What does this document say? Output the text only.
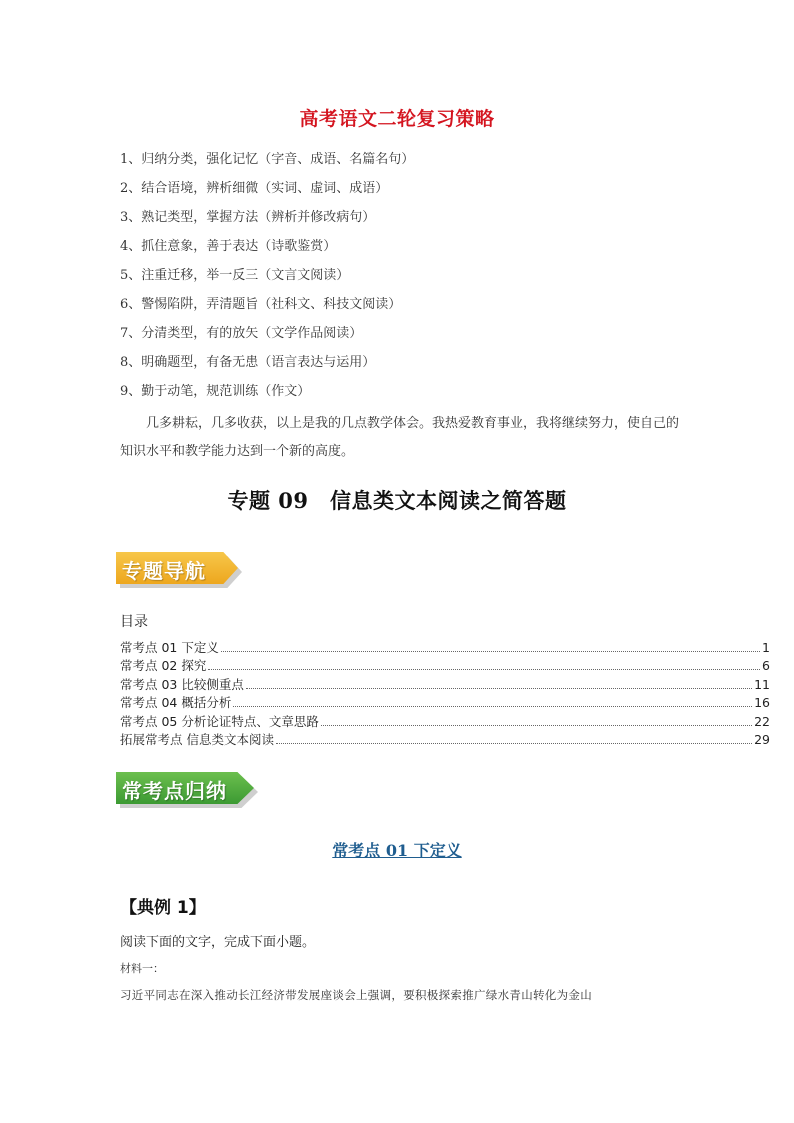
高考语文二轮复习策略
1、归纳分类，强化记忆（字音、成语、名篇名句）
2、结合语境，辨析细微（实词、虚词、成语）
3、熟记类型，掌握方法（辨析并修改病句）
4、抓住意象，善于表达（诗歌鉴赏）
5、注重迁移，举一反三（文言文阅读）
6、警惕陷阱，弄清题旨（社科文、科技文阅读）
7、分清类型，有的放矢（文学作品阅读）
8、明确题型，有备无患（语言表达与运用）
9、勤于动笔，规范训练（作文）
几多耕耘，几多收获，以上是我的几点教学体会。我热爱教育事业，我将继续努力，使自己的知识水平和教学能力达到一个新的高度。
专题 09　信息类文本阅读之简答题
专题导航
目录
常考点 01 下定义	1
常考点 02 探究	6
常考点 03 比较侧重点	11
常考点 04 概括分析	16
常考点 05 分析论证特点、文章思路	22
拓展常考点 信息类文本阅读	29
常考点归纳
常考点 01 下定义
【典例 1】
阅读下面的文字，完成下面小题。
材料一：
习近平同志在深入推动长江经济带发展座谈会上强调，要积极探索推广绿水青山转化为金山
